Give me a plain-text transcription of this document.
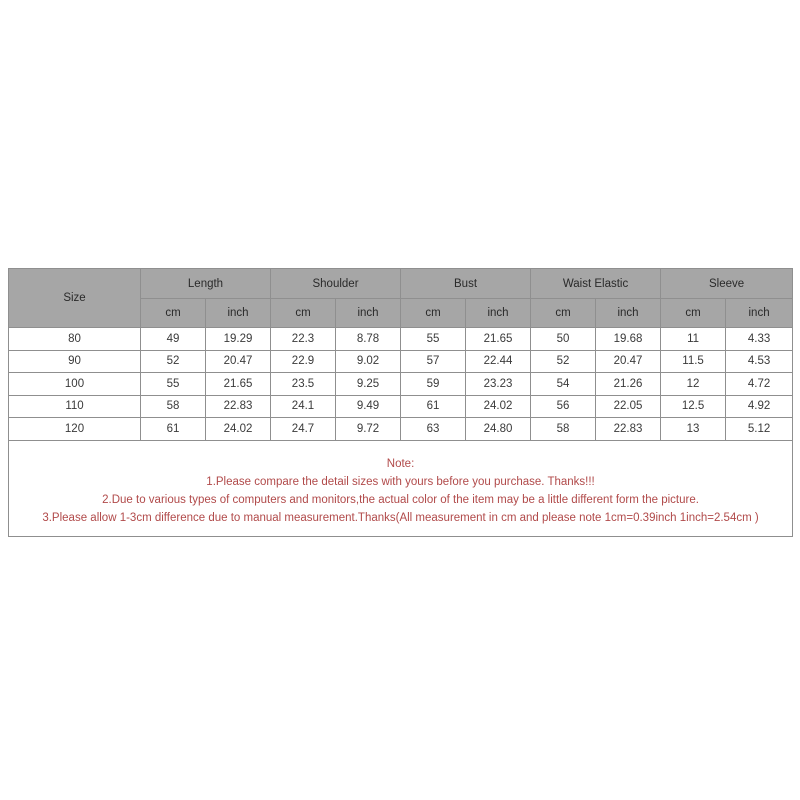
Size	Length		Shoulder		Bust		Waist Elastic		Sleeve	
	cm	inch	cm	inch	cm	inch	cm	inch	cm	inch
80	49	19.29	22.3	8.78	55	21.65	50	19.68	11	4.33
90	52	20.47	22.9	9.02	57	22.44	52	20.47	11.5	4.53
100	55	21.65	23.5	9.25	59	23.23	54	21.26	12	4.72
110	58	22.83	24.1	9.49	61	24.02	56	22.05	12.5	4.92
120	61	24.02	24.7	9.72	63	24.80	58	22.83	13	5.12

Note:
1.Please compare the detail sizes with yours before you purchase. Thanks!!!
2.Due to various types of computers and monitors,the actual color of the item may be a little different form the picture.
3.Please allow 1-3cm difference due to manual measurement.Thanks(All measurement in cm and please note 1cm=0.39inch 1inch=2.54cm )										
